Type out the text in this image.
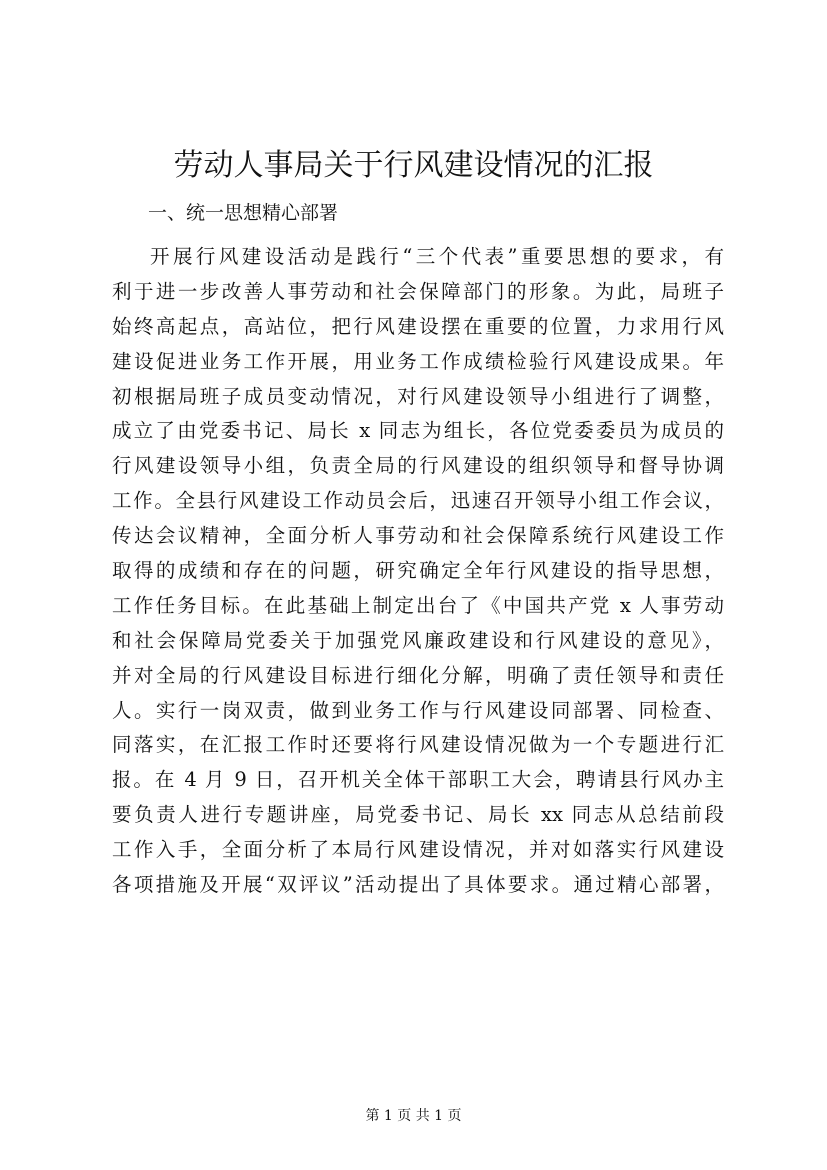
劳动人事局关于行风建设情况的汇报

一、统一思想精心部署

开展行风建设活动是践行“三个代表”重要思想的要求，有
利于进一步改善人事劳动和社会保障部门的形象。为此，局班子
始终高起点，高站位，把行风建设摆在重要的位置，力求用行风
建设促进业务工作开展，用业务工作成绩检验行风建设成果。年
初根据局班子成员变动情况，对行风建设领导小组进行了调整，
成立了由党委书记、局长 x 同志为组长，各位党委委员为成员的
行风建设领导小组，负责全局的行风建设的组织领导和督导协调
工作。全县行风建设工作动员会后，迅速召开领导小组工作会议，
传达会议精神，全面分析人事劳动和社会保障系统行风建设工作
取得的成绩和存在的问题，研究确定全年行风建设的指导思想，
工作任务目标。在此基础上制定出台了《中国共产党 x 人事劳动
和社会保障局党委关于加强党风廉政建设和行风建设的意见》，
并对全局的行风建设目标进行细化分解，明确了责任领导和责任
人。实行一岗双责，做到业务工作与行风建设同部署、同检查、
同落实，在汇报工作时还要将行风建设情况做为一个专题进行汇
报。在 4 月 9 日，召开机关全体干部职工大会，聘请县行风办主
要负责人进行专题讲座，局党委书记、局长 xx 同志从总结前段
工作入手，全面分析了本局行风建设情况，并对如落实行风建设
各项措施及开展“双评议”活动提出了具体要求。通过精心部署，
第 1 页 共 1 页
